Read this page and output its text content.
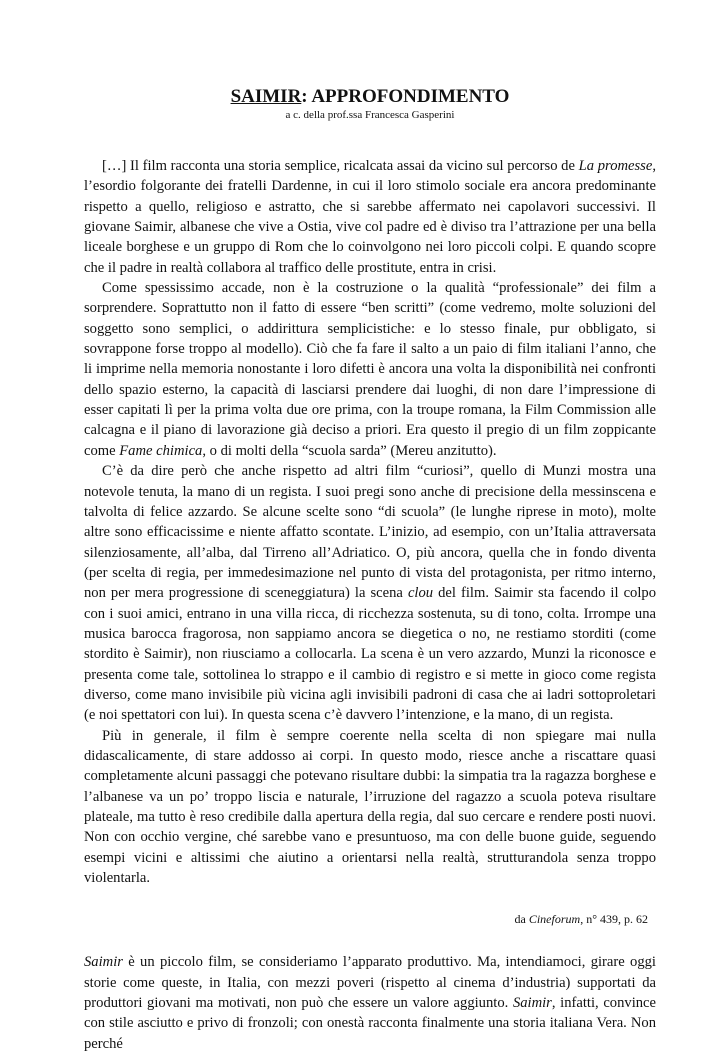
SAIMIR: APPROFONDIMENTO
a c. della prof.ssa Francesca Gasperini

[…] Il film racconta una storia semplice, ricalcata assai da vicino sul percorso de La promesse, l’esordio folgorante dei fratelli Dardenne, in cui il loro stimolo sociale era ancora predominante rispetto a quello, religioso e astratto, che si sarebbe affermato nei capolavori successivi. Il giovane Saimir, albanese che vive a Ostia, vive col padre ed è diviso tra l’attrazione per una bella liceale borghese e un gruppo di Rom che lo coinvolgono nei loro piccoli colpi. E quando scopre che il padre in realtà collabora al traffico delle prostitute, entra in crisi.

Come spessissimo accade, non è la costruzione o la qualità “professionale” dei film a sorprendere. Soprattutto non il fatto di essere “ben scritti” (come vedremo, molte soluzioni del soggetto sono semplici, o addirittura semplicistiche: e lo stesso finale, pur obbligato, si sovrappone forse troppo al modello). Ciò che fa fare il salto a un paio di film italiani l’anno, che li imprime nella memoria nonostante i loro difetti è ancora una volta la disponibilità nei confronti dello spazio esterno, la capacità di lasciarsi prendere dai luoghi, di non dare l’impressione di esser capitati lì per la prima volta due ore prima, con la troupe romana, la Film Commission alle calcagna e il piano di lavorazione già deciso a priori. Era questo il pregio di un film zoppicante come Fame chimica, o di molti della “scuola sarda” (Mereu anzitutto).

C’è da dire però che anche rispetto ad altri film “curiosi”, quello di Munzi mostra una notevole tenuta, la mano di un regista. I suoi pregi sono anche di precisione della messinscena e talvolta di felice azzardo. Se alcune scelte sono “di scuola” (le lunghe riprese in moto), molte altre sono efficacissime e niente affatto scontate. L’inizio, ad esempio, con un’Italia attraversata silenziosamente, all’alba, dal Tirreno all’Adriatico. O, più ancora, quella che in fondo diventa (per scelta di regia, per immedesimazione nel punto di vista del protagonista, per ritmo interno, non per mera progressione di sceneggiatura) la scena clou del film. Saimir sta facendo il colpo con i suoi amici, entrano in una villa ricca, di ricchezza sostenuta, su di tono, colta. Irrompe una musica barocca fragorosa, non sappiamo ancora se diegetica o no, ne restiamo storditi (come stordito è Saimir), non riusciamo a collocarla. La scena è un vero azzardo, Munzi la riconosce e presenta come tale, sottolinea lo strappo e il cambio di registro e si mette in gioco come regista diverso, come mano invisibile più vicina agli invisibili padroni di casa che ai ladri sottoproletari (e noi spettatori con lui). In questa scena c’è davvero l’intenzione, e la mano, di un regista.

Più in generale, il film è sempre coerente nella scelta di non spiegare mai nulla didascalicamente, di stare addosso ai corpi. In questo modo, riesce anche a riscattare quasi completamente alcuni passaggi che potevano risultare dubbi: la simpatia tra la ragazza borghese e l’albanese va un po’ troppo liscia e naturale, l’irruzione del ragazzo a scuola poteva risultare plateale, ma tutto è reso credibile dalla apertura della regia, dal suo cercare e rendere posti nuovi. Non con occhio vergine, ché sarebbe vano e presuntuoso, ma con delle buone guide, seguendo esempi vicini e altissimi che aiutino a orientarsi nella realtà, strutturandola senza troppo violentarla.

da Cineforum, n° 439, p. 62

Saimir è un piccolo film, se consideriamo l’apparato produttivo. Ma, intendiamoci, girare oggi storie come queste, in Italia, con mezzi poveri (rispetto al cinema d’industria) supportati da produttori giovani ma motivati, non può che essere un valore aggiunto. Saimir, infatti, convince con stile asciutto e privo di fronzoli; con onestà racconta finalmente una storia italiana Vera. Non perché
